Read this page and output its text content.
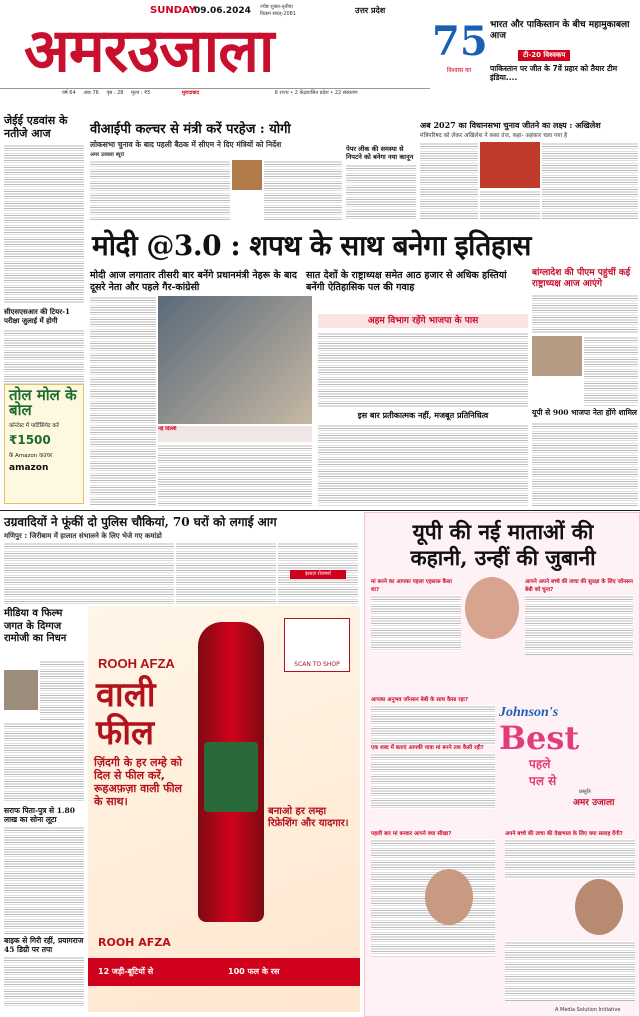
SUNDAY
09.06.2024 ज्येष्ठ शुक्ल-तृतीया
विक्रम संवत्-2081	उत्तर प्रदेश
अमरउजाला	75
विश्वास का
भारत और पाकिस्तान के बीच महामुकाबला आज
टी-20 विश्वकप
पाकिस्तान पर जीत के 7वें प्रहार को तैयार टीम इंडिया....
वर्ष 64 अंक 76 पृष्ठ : 28 मूल्य : ₹5	मुरादाबाद	6 राज्य • 2 केंद्रशासित प्रदेश • 22 संस्करण
जेईई एडवांस के नतीजे आज
सीएसएसआर की टियर-1 परीक्षा जुलाई में होगी
तोल मोल के बोल
कॉन्टेस्ट में पार्टिसिपेट करें
₹1500
के Amazon वाउचर
amazon
वीआईपी कल्चर से मंत्री करें परहेज : योगी
लोकसभा चुनाव के बाद पहली बैठक में सीएम ने दिए मंत्रियों को निर्देश
अमर उजाला ब्यूरो
पेपर लीक की समस्या से निपटने को बनेगा नया कानून
अब 2027 का विधानसभा चुनाव जीतने का लक्ष्य : अखिलेश
मंत्रिपरिषद को लेकर अखिलेश ने कसा तंज, कहा- अहंकार चला गया है
मोदी @3.0 : शपथ के साथ बनेगा इतिहास
मोदी आज लगातार तीसरी बार बनेंगे प्रधानमंत्री नेहरू के बाद दूसरे नेता और पहले गैर-कांग्रेसी
सात देशों के राष्ट्राध्यक्ष समेत आठ हजार से अधिक हस्तियां बनेंगी ऐतिहासिक पल की गवाह
नई दिल्ली
अहम विभाग रहेंगे भाजपा के पास
इस बार प्रतीकात्मक नहीं, मजबूत प्रतिनिधित्व
बांग्लादेश की पीएम पहुंचीं कई राष्ट्राध्यक्ष आज आएंगे
यूपी से 900 भाजपा नेता होंगे शामिल
उग्रवादियों ने फूंकीं दो पुलिस चौकियां, 70 घरों को लगाई आग
मणिपुर : जिरीबाम में हालात संभालने के लिए भेजे गए कमांडो
इलाज़ रोजमर्रा
मीडिया व फिल्म जगत के दिग्गज रामोजी का निधन
सराफ पिता-पुत्र से 1.80 लाख का सोना लूटा
बाइक से गिरी रहीं, प्रयागराज 45 डिग्री पर तपा
ROOH AFZA
वाली फील
ज़िंदगी के हर लम्हे को दिल से फील करें, रूहअफ़ज़ा वाली फील के साथ।
बनाओ हर लम्हा रिफ्रेशिंग और यादगार।
SCAN TO SHOP
ROOH AFZA
12 जड़ी-बूटियों से	100 फल के रस
यूपी की नई माताओं की
कहानी, उन्हीं की जुबानी
मां बनने का आपका पहला एहसास कैसा था?
आपने अपने बच्चे की त्वचा की सुरक्षा के लिए जॉनसन बेबी को चुना?
आपका अनुभव जॉनसन बेबी के साथ कैसा रहा?
एक शब्द में बताएं आपकी यात्रा मां बनने तक कैसी रही?
Johnson's
Best
पहले
पल से
प्रस्तुति
अमर उजाला
पहली बार मां बनकर आपने क्या सीखा?	अपने बच्चे की त्वचा की देखभाल के लिए क्या सलाह देंगी?
A Media Solution Initiative
